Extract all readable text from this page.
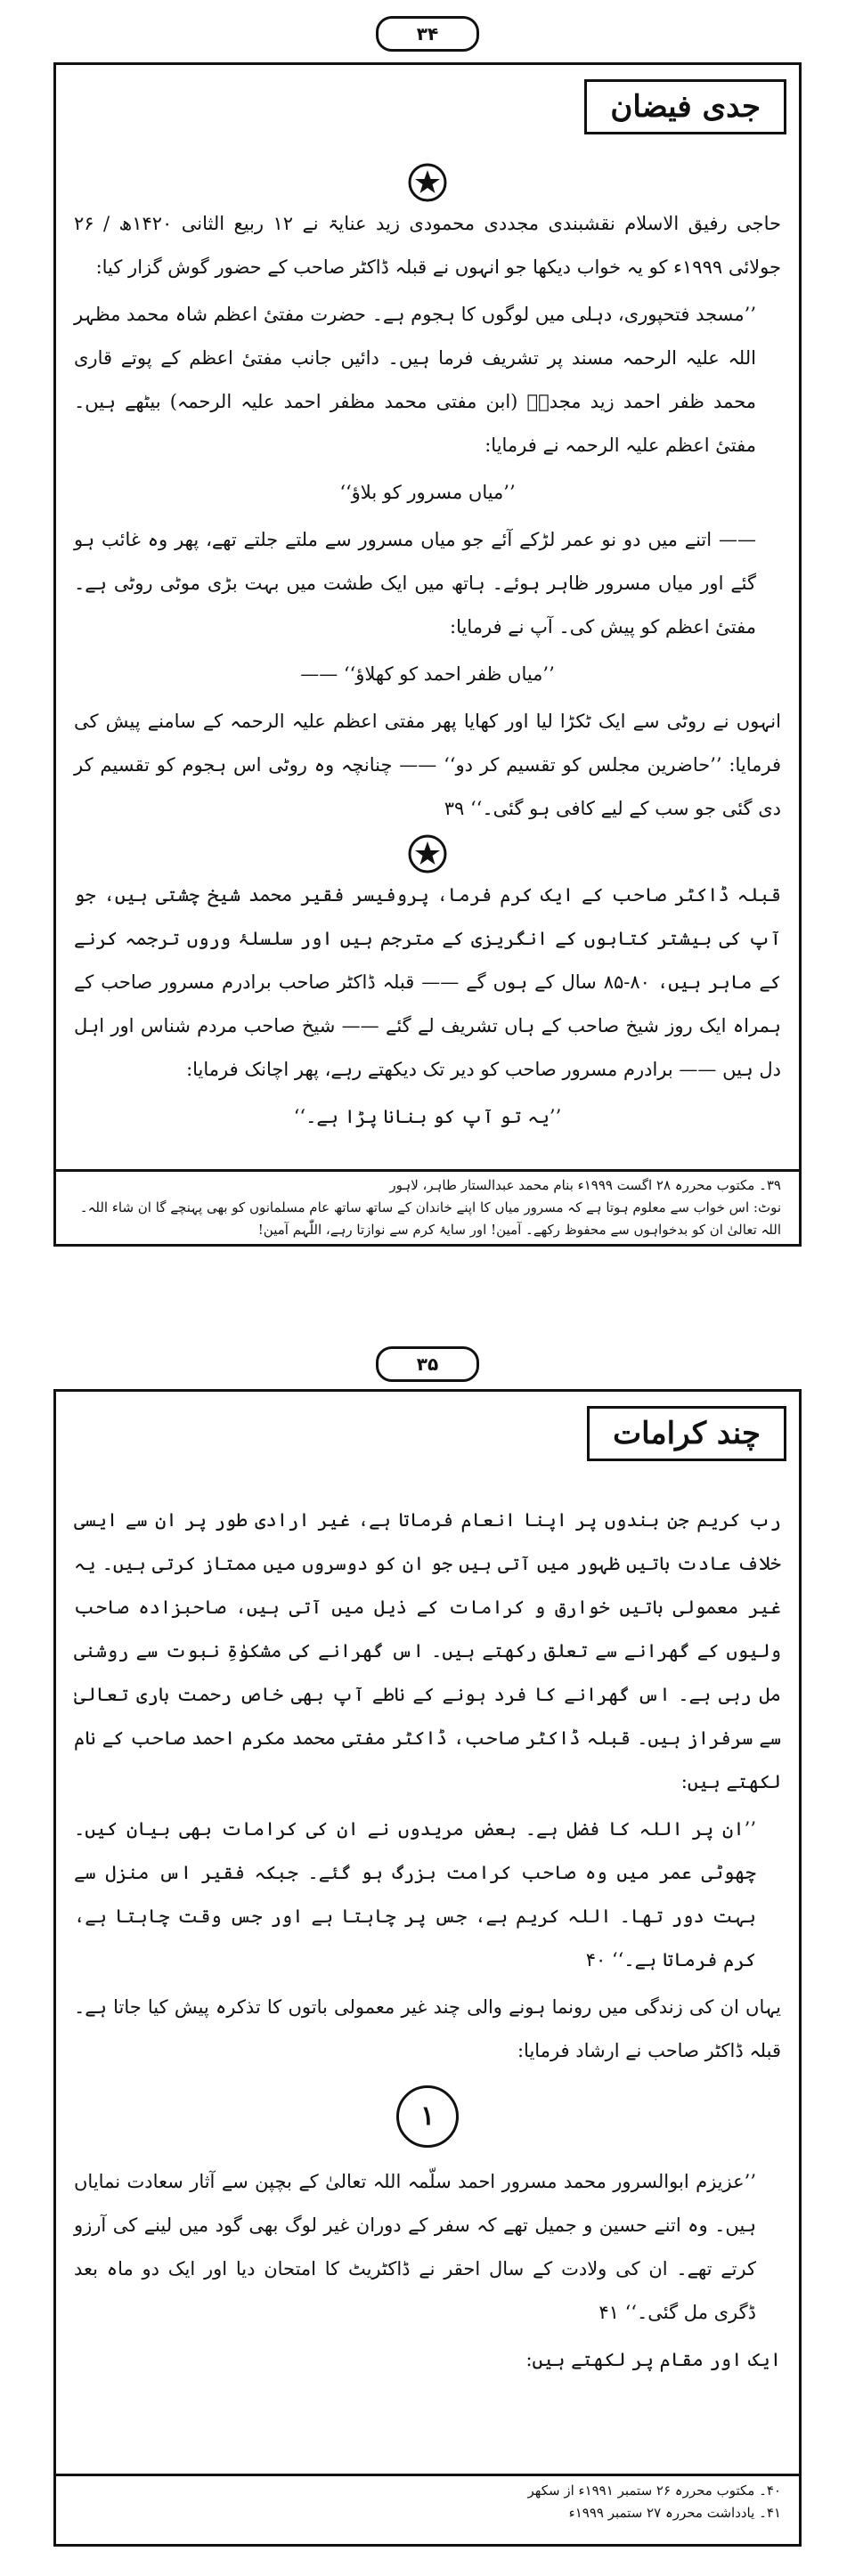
۳۴
جدی فیضان

حاجی رفیق الاسلام نقشبندی مجددی محمودی زید عنایۃ نے ۱۲ ربیع الثانی ۱۴۲۰ھ / ۲۶ جولائی ۱۹۹۹ء کو یہ خواب دیکھا جو انہوں نے قبلہ ڈاکٹر صاحب کے حضور گوش گزار کیا:

’’مسجد فتحپوری، دہلی میں لوگوں کا ہجوم ہے۔ حضرت مفتیٔ اعظم شاہ محمد مظہر اللہ علیہ الرحمہ مسند پر تشریف فرما ہیں۔ دائیں جانب مفتیٔ اعظم کے پوتے قاری محمد ظفر احمد زید مجدہٗ (ابن مفتی محمد مظفر احمد علیہ الرحمہ) بیٹھے ہیں۔ مفتیٔ اعظم علیہ الرحمہ نے فرمایا:

’’میاں مسرور کو بلاؤ‘‘

—— اتنے میں دو نو عمر لڑکے آئے جو میاں مسرور سے ملتے جلتے تھے، پھر وہ غائب ہو گئے اور میاں مسرور ظاہر ہوئے۔ ہاتھ میں ایک طشت میں بہت بڑی موٹی روٹی ہے۔ مفتیٔ اعظم کو پیش کی۔ آپ نے فرمایا:

’’میاں ظفر احمد کو کھلاؤ‘‘ ——

انہوں نے روٹی سے ایک ٹکڑا لیا اور کھایا پھر مفتی اعظم علیہ الرحمہ کے سامنے پیش کی فرمایا: ’’حاضرین مجلس کو تقسیم کر دو‘‘ —— چنانچہ وہ روٹی اس ہجوم کو تقسیم کر دی گئی جو سب کے لیے کافی ہو گئی۔‘‘ ۳۹

قبلہ ڈاکٹر صاحب کے ایک کرم فرما، پروفیسر فقیر محمد شیخ چشتی ہیں، جو آپ کی بیشتر کتابوں کے انگریزی کے مترجم ہیں اور سلسلۂ وروں ترجمہ کرنے کے ماہر ہیں، ۸۰-۸۵ سال کے ہوں گے —— قبلہ ڈاکٹر صاحب برادرم مسرور صاحب کے ہمراہ ایک روز شیخ صاحب کے ہاں تشریف لے گئے —— شیخ صاحب مردم شناس اور اہل دل ہیں —— برادرم مسرور صاحب کو دیر تک دیکھتے رہے، پھر اچانک فرمایا:

’’یہ تو آپ کو بنانا پڑا ہے۔‘‘

۳۹۔ مکتوب محررہ ۲۸ اگست ۱۹۹۹ء بنام محمد عبدالستار طاہر، لاہور
نوٹ: اس خواب سے معلوم ہوتا ہے کہ مسرور میاں کا اپنے خاندان کے ساتھ ساتھ عام مسلمانوں کو بھی پہنچے گا ان شاء اللہ۔ اللہ تعالیٰ ان کو بدخواہوں سے محفوظ رکھے۔ آمین! اور سایۂ کرم سے نوازتا رہے، اللّٰہم آمین!
۳۵
چند کرامات

رب کریم جن بندوں پر اپنا انعام فرماتا ہے، غیر ارادی طور پر ان سے ایسی خلاف عادت باتیں ظہور میں آتی ہیں جو ان کو دوسروں میں ممتاز کرتی ہیں۔ یہ غیر معمولی باتیں خوارق و کرامات کے ذیل میں آتی ہیں، صاحبزادہ صاحب ولیوں کے گھرانے سے تعلق رکھتے ہیں۔ اس گھرانے کی مشکوٰۃِ نبوت سے روشنی مل رہی ہے۔ اس گھرانے کا فرد ہونے کے ناطے آپ بھی خاص رحمت باری تعالیٰ سے سرفراز ہیں۔ قبلہ ڈاکٹر صاحب، ڈاکٹر مفتی محمد مکرم احمد صاحب کے نام لکھتے ہیں:

’’ان پر اللہ کا فضل ہے۔ بعض مریدوں نے ان کی کرامات بھی بیان کیں۔ چھوٹی عمر میں وہ صاحب کرامت بزرگ ہو گئے۔ جبکہ فقیر اس منزل سے بہت دور تھا۔ اللہ کریم ہے، جس پر چاہتا ہے اور جس وقت چاہتا ہے، کرم فرماتا ہے۔‘‘ ۴۰

یہاں ان کی زندگی میں رونما ہونے والی چند غیر معمولی باتوں کا تذکرہ پیش کیا جاتا ہے۔ قبلہ ڈاکٹر صاحب نے ارشاد فرمایا:

۱

’’عزیزم ابوالسرور محمد مسرور احمد سلّمہ اللہ تعالیٰ کے بچپن سے آثار سعادت نمایاں ہیں۔ وہ اتنے حسین و جمیل تھے کہ سفر کے دوران غیر لوگ بھی گود میں لینے کی آرزو کرتے تھے۔ ان کی ولادت کے سال احقر نے ڈاکٹریٹ کا امتحان دیا اور ایک دو ماہ بعد ڈگری مل گئی۔‘‘ ۴۱

ایک اور مقام پر لکھتے ہیں:

۴۰۔ مکتوب محررہ ۲۶ ستمبر ۱۹۹۱ء از سکھر
۴۱۔ یادداشت محررہ ۲۷ ستمبر ۱۹۹۹ء
